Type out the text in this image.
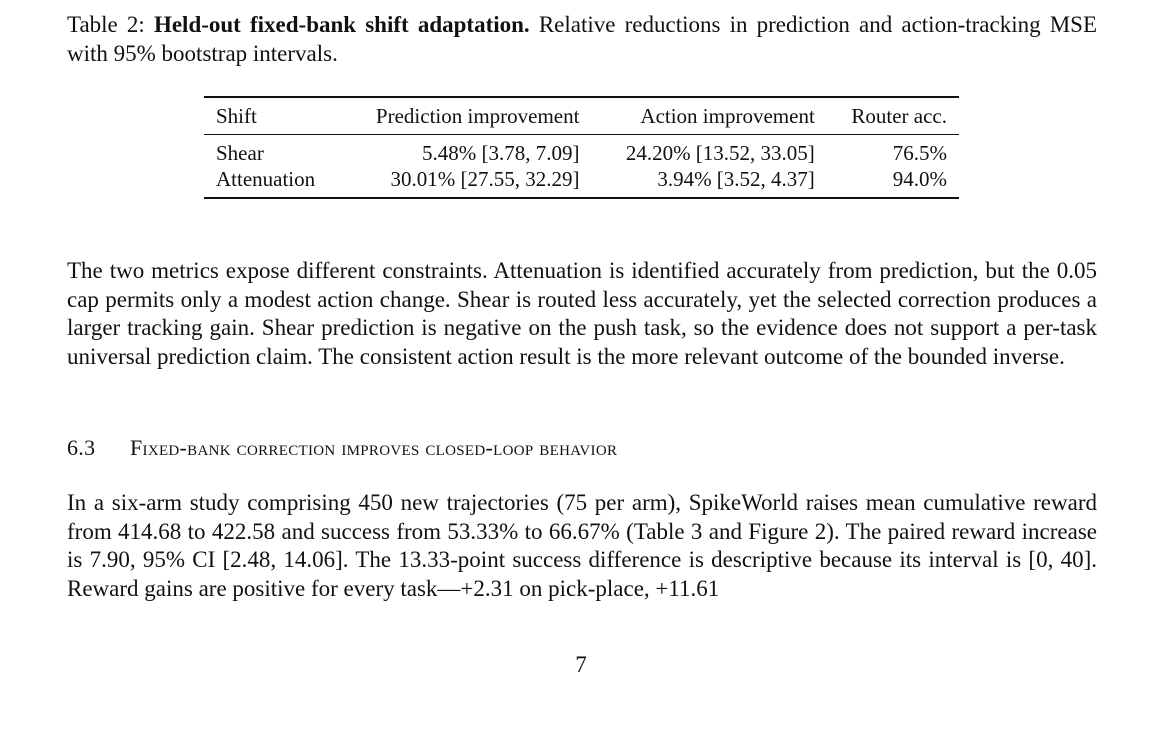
Table 2: Held-out fixed-bank shift adaptation. Relative reductions in prediction and action-tracking MSE with 95% bootstrap intervals.

Shift	Prediction improvement	Action improvement	Router acc.
Shear	5.48% [3.78, 7.09]	24.20% [13.52, 33.05]	76.5%
Attenuation	30.01% [27.55, 32.29]	3.94% [3.52, 4.37]	94.0%

The two metrics expose different constraints. Attenuation is identified accurately from prediction, but the 0.05 cap permits only a modest action change. Shear is routed less accurately, yet the selected correction produces a larger tracking gain. Shear prediction is negative on the push task, so the evidence does not support a per-task universal prediction claim. The consistent action result is the more relevant outcome of the bounded inverse.

6.3 Fixed-bank correction improves closed-loop behavior

In a six-arm study comprising 450 new trajectories (75 per arm), SpikeWorld raises mean cumulative reward from 414.68 to 422.58 and success from 53.33% to 66.67% (Table 3 and Figure 2). The paired reward increase is 7.90, 95% CI [2.48, 14.06]. The 13.33-point success difference is descriptive because its interval is [0, 40]. Reward gains are positive for every task—+2.31 on pick-place, +11.61

7
